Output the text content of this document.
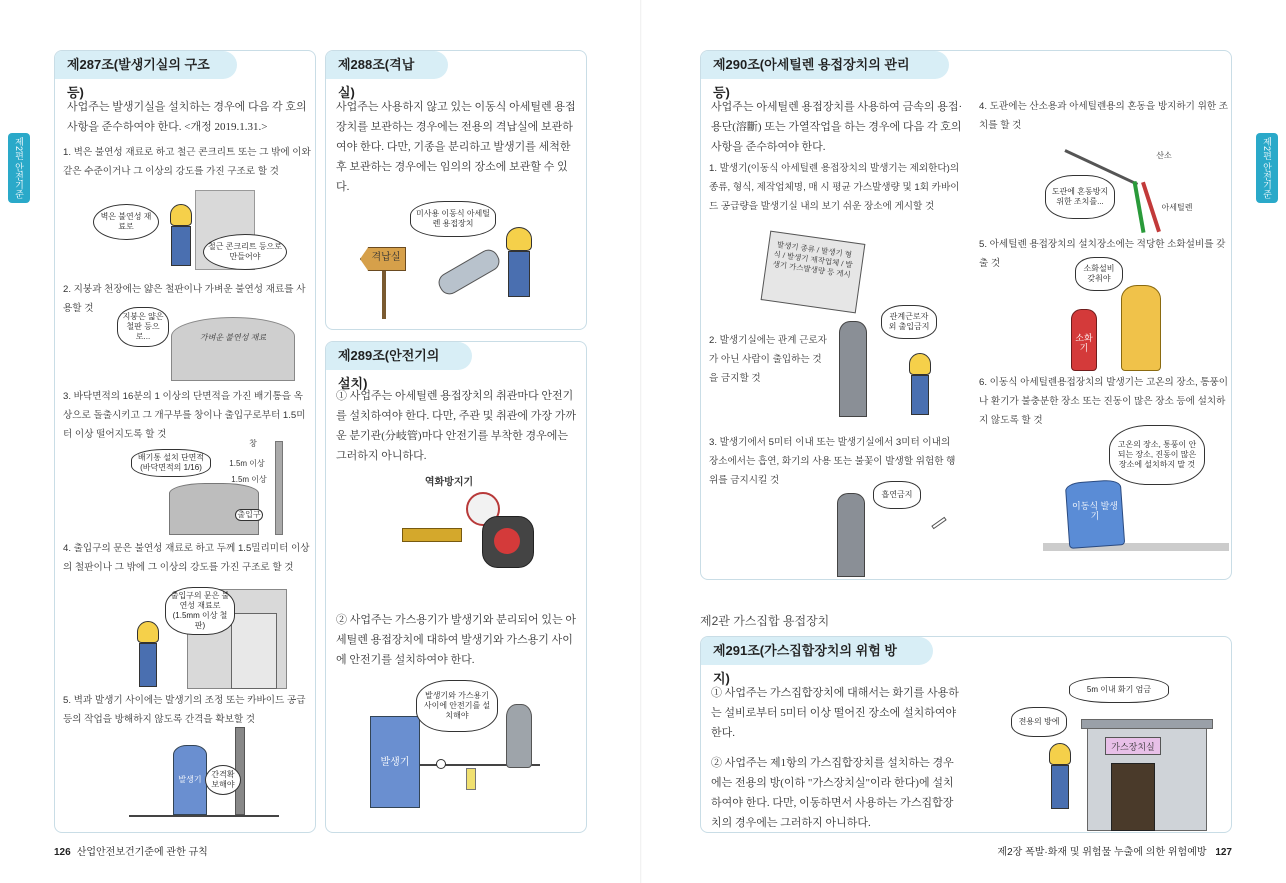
제2편 안전기준	제2편 안전기준
제287조(발생기실의 구조 등)
사업주는 발생기실을 설치하는 경우에 다음 각 호의 사항을 준수하여야 한다. <개정 2019.1.31.>
1. 벽은 불연성 재료로 하고 철근 콘크리트 또는 그 밖에 이와 같은 수준이거나 그 이상의 강도를 가진 구조로 할 것
벽은 불연성 재료로
철근 콘크리트 등으로 만들어야
2. 지붕과 천장에는 얇은 철판이나 가벼운 불연성 재료를 사용할 것
가벼운 불연성 재료
지붕은 얇은 철판 등으로...
3. 바닥면적의 16분의 1 이상의 단면적을 가진 배기통을 옥상으로 돌출시키고 그 개구부를 창이나 출입구로부터 1.5미터 이상 떨어지도록 할 것
배기통 설치 단면적 (바닥면적의 1/16)
창
1.5m 이상
1.5m 이상
출입구
4. 출입구의 문은 불연성 재료로 하고 두께 1.5밀리미터 이상의 철판이나 그 밖에 그 이상의 강도를 가진 구조로 할 것
출입구의 문은 불연성 재료로 (1.5mm 이상 철판)
5. 벽과 발생기 사이에는 발생기의 조정 또는 카바이드 공급 등의 작업을 방해하지 않도록 간격을 확보할 것
발생기
간격확보해야
제288조(격납실)
사업주는 사용하지 않고 있는 이동식 아세틸렌 용접장치를 보관하는 경우에는 전용의 격납실에 보관하여야 한다. 다만, 기종을 분리하고 발생기를 세척한 후 보관하는 경우에는 임의의 장소에 보관할 수 있다.
격납실
미사용 이동식 아세틸렌 용접장치
제289조(안전기의 설치)
① 사업주는 아세틸렌 용접장치의 취관마다 안전기를 설치하여야 한다. 다만, 주관 및 취관에 가장 가까운 분기관(分岐管)마다 안전기를 부착한 경우에는 그러하지 아니하다.
역화방지기
② 사업주는 가스용기가 발생기와 분리되어 있는 아세틸렌 용접장치에 대하여 발생기와 가스용기 사이에 안전기를 설치하여야 한다.
발생기
발생기와 가스용기 사이에 안전기를 설치해야
126 산업안전보건기준에 관한 규칙
제290조(아세틸렌 용접장치의 관리 등)
사업주는 아세틸렌 용접장치를 사용하여 금속의 용접·용단(溶斷) 또는 가열작업을 하는 경우에 다음 각 호의 사항을 준수하여야 한다.
1. 발생기(이동식 아세틸렌 용접장치의 발생기는 제외한다)의 종류, 형식, 제작업체명, 매 시 평균 가스발생량 및 1회 카바이드 공급량을 발생기실 내의 보기 쉬운 장소에 게시할 것
발생기 종류 / 발생기 형식 / 발생기 제작업체 / 발생기 가스발생량 등 게시
2. 발생기실에는 관계 근로자가 아닌 사람이 출입하는 것을 금지할 것
관계근로자외 출입금지
3. 발생기에서 5미터 이내 또는 발생기실에서 3미터 이내의 장소에서는 흡연, 화기의 사용 또는 불꽃이 발생할 위험한 행위를 금지시킬 것
흡연금지
4. 도관에는 산소용과 아세틸렌용의 혼동을 방지하기 위한 조치를 할 것
산소
아세틸렌
도관에 혼동방지위한 조치를...
5. 아세틸렌 용접장치의 설치장소에는 적당한 소화설비를 갖출 것
소화기
소화설비 갖춰야
6. 이동식 아세틸렌용접장치의 발생기는 고온의 장소, 통풍이나 환기가 불충분한 장소 또는 진동이 많은 장소 등에 설치하지 않도록 할 것
이동식 발생기
고온의 장소, 통풍이 안되는 장소, 진동이 많은 장소에 설치하지 말 것
제2관 가스집합 용접장치
제291조(가스집합장치의 위험 방지)
① 사업주는 가스집합장치에 대해서는 화기를 사용하는 설비로부터 5미터 이상 떨어진 장소에 설치하여야 한다.
② 사업주는 제1항의 가스집합장치를 설치하는 경우에는 전용의 방(이하 "가스장치실"이라 한다)에 설치하여야 한다. 다만, 이동하면서 사용하는 가스집합장치의 경우에는 그러하지 아니하다.
가스장치실
5m 이내 화기 엄금
전용의 방에
제2장 폭발·화재 및 위험물 누출에 의한 위험예방 127
